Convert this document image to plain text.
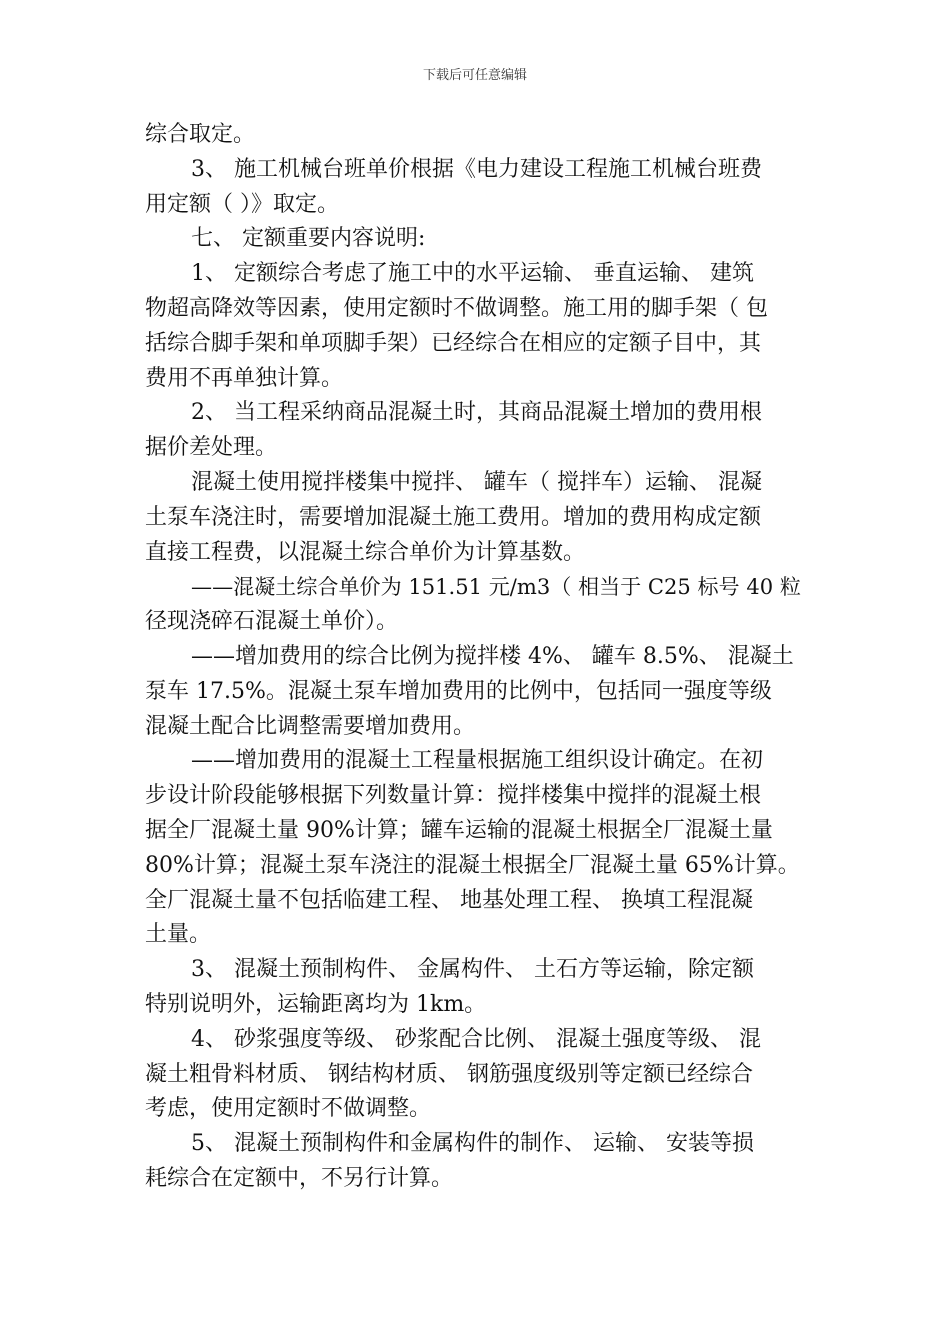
下载后可任意编辑
综合取定。
3、 施工机械台班单价根据《电力建设工程施工机械台班费
用定额（ ）》取定。
七、 定额重要内容说明:
1、 定额综合考虑了施工中的水平运输、 垂直运输、 建筑
物超高降效等因素，使用定额时不做调整。施工用的脚手架（ 包
括综合脚手架和单项脚手架）已经综合在相应的定额子目中，其
费用不再单独计算。
2、 当工程采纳商品混凝土时，其商品混凝土增加的费用根
据价差处理。
混凝土使用搅拌楼集中搅拌、 罐车（ 搅拌车）运输、 混凝
土泵车浇注时，需要增加混凝土施工费用。增加的费用构成定额
直接工程费，以混凝土综合单价为计算基数。
——混凝土综合单价为 151.51 元/m3（ 相当于 C25 标号 40 粒
径现浇碎石混凝土单价）。
——增加费用的综合比例为搅拌楼 4%、 罐车 8.5%、 混凝土
泵车 17.5%。混凝土泵车增加费用的比例中，包括同一强度等级
混凝土配合比调整需要增加费用。
——增加费用的混凝土工程量根据施工组织设计确定。在初
步设计阶段能够根据下列数量计算：搅拌楼集中搅拌的混凝土根
据全厂混凝土量 90%计算；罐车运输的混凝土根据全厂混凝土量
80%计算；混凝土泵车浇注的混凝土根据全厂混凝土量 65%计算。
全厂混凝土量不包括临建工程、 地基处理工程、 换填工程混凝
土量。
3、 混凝土预制构件、 金属构件、 土石方等运输，除定额
特别说明外，运输距离均为 1km。
4、 砂浆强度等级、 砂浆配合比例、 混凝土强度等级、 混
凝土粗骨料材质、 钢结构材质、 钢筋强度级别等定额已经综合
考虑，使用定额时不做调整。
5、 混凝土预制构件和金属构件的制作、 运输、 安装等损
耗综合在定额中，不另行计算。
